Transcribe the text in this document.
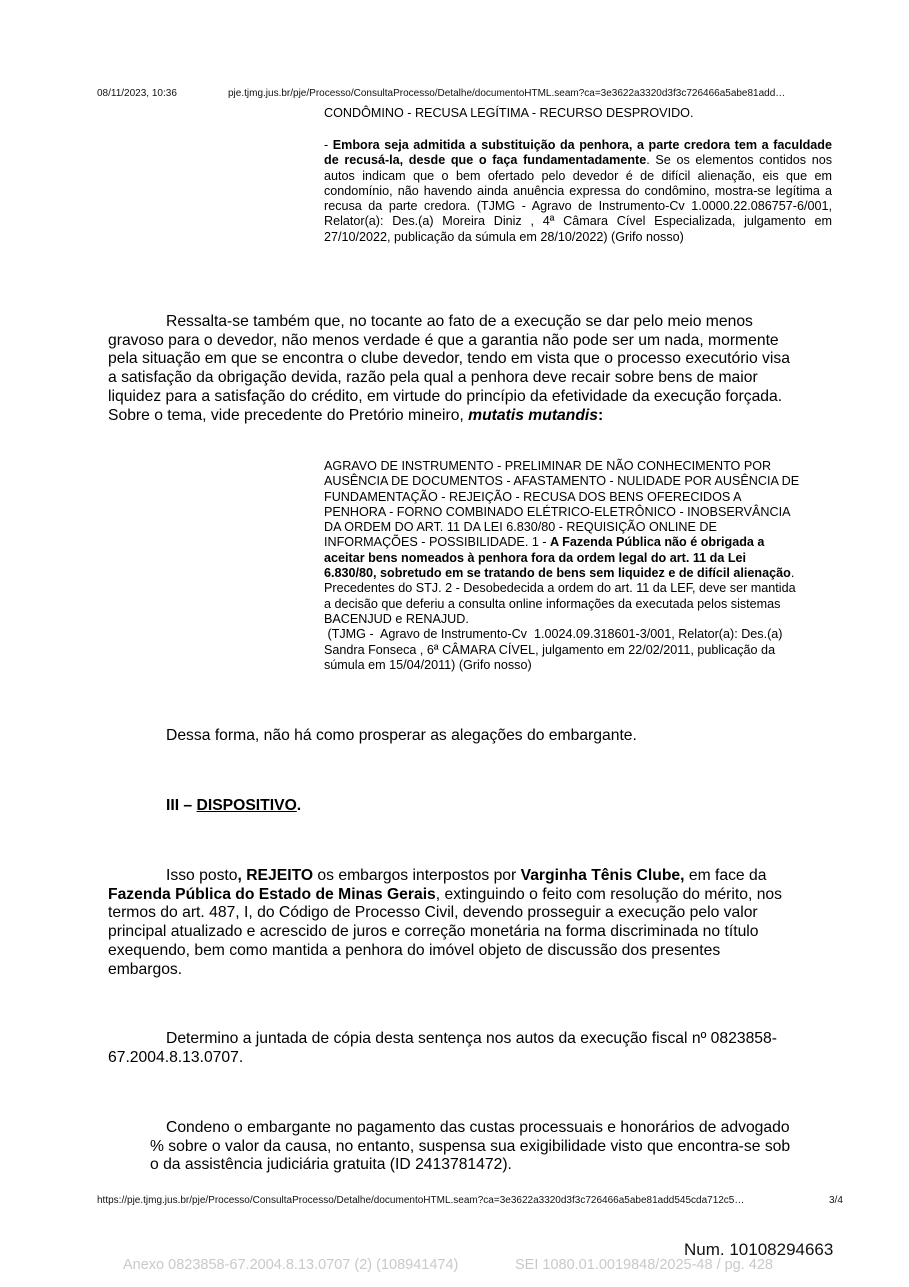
08/11/2023, 10:36	pje.tjmg.jus.br/pje/Processo/ConsultaProcesso/Detalhe/documentoHTML.seam?ca=3e3622a3320d3f3c726466a5abe81add…
CONDÔMINO - RECUSA LEGÍTIMA - RECURSO DESPROVIDO.
- Embora seja admitida a substituição da penhora, a parte credora tem a faculdade de recusá-la, desde que o faça fundamentadamente. Se os elementos contidos nos autos indicam que o bem ofertado pelo devedor é de difícil alienação, eis que em condomínio, não havendo ainda anuência expressa do condômino, mostra-se legítima a recusa da parte credora. (TJMG - Agravo de Instrumento-Cv 1.0000.22.086757-6/001, Relator(a): Des.(a) Moreira Diniz , 4ª Câmara Cível Especializada, julgamento em 27/10/2022, publicação da súmula em 28/10/2022) (Grifo nosso)
Ressalta-se também que, no tocante ao fato de a execução se dar pelo meio menos
gravoso para o devedor, não menos verdade é que a garantia não pode ser um nada, mormente
pela situação em que se encontra o clube devedor, tendo em vista que o processo executório visa
a satisfação da obrigação devida, razão pela qual a penhora deve recair sobre bens de maior
liquidez para a satisfação do crédito, em virtude do princípio da efetividade da execução forçada.
Sobre o tema, vide precedente do Pretório mineiro, mutatis mutandis:
AGRAVO DE INSTRUMENTO - PRELIMINAR DE NÃO CONHECIMENTO POR
AUSÊNCIA DE DOCUMENTOS - AFASTAMENTO - NULIDADE POR AUSÊNCIA DE
FUNDAMENTAÇÃO - REJEIÇÃO - RECUSA DOS BENS OFERECIDOS A
PENHORA - FORNO COMBINADO ELÉTRICO-ELETRÔNICO - INOBSERVÂNCIA
DA ORDEM DO ART. 11 DA LEI 6.830/80 - REQUISIÇÃO ONLINE DE
INFORMAÇÕES - POSSIBILIDADE. 1 - A Fazenda Pública não é obrigada a
aceitar bens nomeados à penhora fora da ordem legal do art. 11 da Lei
6.830/80, sobretudo em se tratando de bens sem liquidez e de difícil alienação.
Precedentes do STJ. 2 - Desobedecida a ordem do art. 11 da LEF, deve ser mantida
a decisão que deferiu a consulta online informações da executada pelos sistemas
BACENJUD e RENAJUD.
(TJMG -  Agravo de Instrumento-Cv  1.0024.09.318601-3/001, Relator(a): Des.(a)
Sandra Fonseca , 6ª CÂMARA CÍVEL, julgamento em 22/02/2011, publicação da
súmula em 15/04/2011) (Grifo nosso)
Dessa forma, não há como prosperar as alegações do embargante.
III – DISPOSITIVO.
Isso posto, REJEITO os embargos interpostos por Varginha Tênis Clube, em face da
Fazenda Pública do Estado de Minas Gerais, extinguindo o feito com resolução do mérito, nos
termos do art. 487, I, do Código de Processo Civil, devendo prosseguir a execução pelo valor
principal atualizado e acrescido de juros e correção monetária na forma discriminada no título
exequendo, bem como mantida a penhora do imóvel objeto de discussão dos presentes
embargos.
Determino a juntada de cópia desta sentença nos autos da execução fiscal nº 0823858-
67.2004.8.13.0707.
Condeno o embargante no pagamento das custas processuais e honorários de advogado
% sobre o valor da causa, no entanto, suspensa sua exigibilidade visto que encontra-se sob
o da assistência judiciária gratuita (ID 2413781472).
https://pje.tjmg.jus.br/pje/Processo/ConsultaProcesso/Detalhe/documentoHTML.seam?ca=3e3622a3320d3f3c726466a5abe81add545cda712c5…	3/4
Num. 10108294663
Anexo 0823858-67.2004.8.13.0707 (2) (108941474)	SEI 1080.01.0019848/2025-48 / pg. 428
